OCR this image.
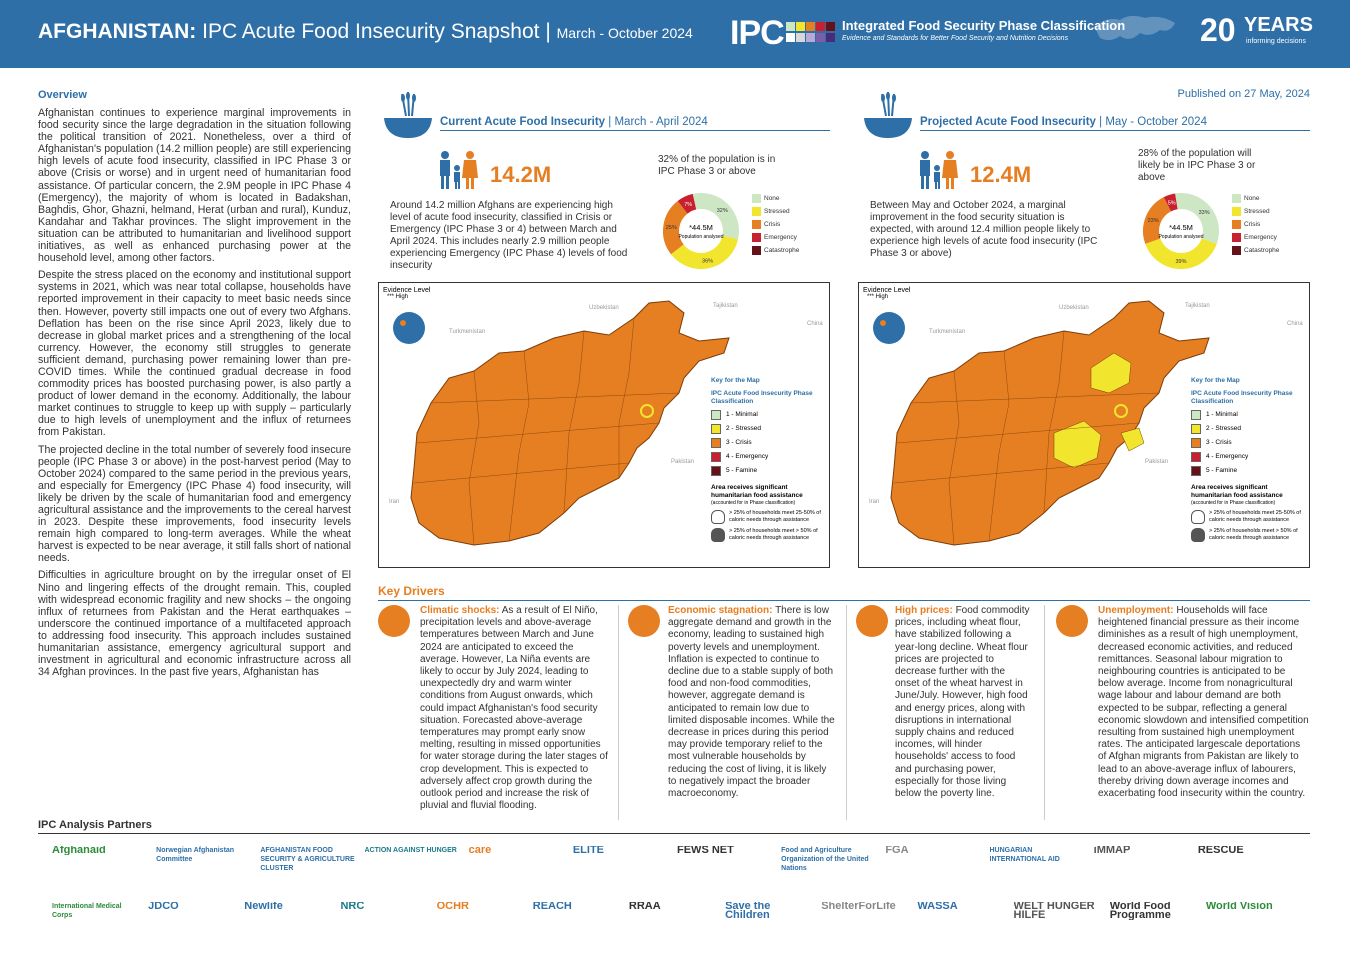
AFGHANISTAN: IPC Acute Food Insecurity Snapshot | March - October 2024 IPC	Integrated Food Security Phase Classification
Evidence and Standards for Better Food Security and Nutrition Decisions	20 YEARS
informing decisions
Overview

Afghanistan continues to experience marginal improvements in food security since the large degradation in the situation following the political transition of 2021. Nonetheless, over a third of Afghanistan's population (14.2 million people) are still experiencing high levels of acute food insecurity, classified in IPC Phase 3 or above (Crisis or worse) and in urgent need of humanitarian food assistance. Of particular concern, the 2.9M people in IPC Phase 4 (Emergency), the majority of whom is located in Badakshan, Baghdis, Ghor, Ghazni, helmand, Herat (urban and rural), Kunduz, Kandahar and Takhar provinces. The slight improvement in the situation can be attributed to humanitarian and livelihood support initiatives, as well as enhanced purchasing power at the household level, among other factors.

Despite the stress placed on the economy and institutional support systems in 2021, which was near total collapse, households have reported improvement in their capacity to meet basic needs since then. However, poverty still impacts one out of every two Afghans. Deflation has been on the rise since April 2023, likely due to decrease in global market prices and a strengthening of the local currency. However, the economy still struggles to generate sufficient demand, purchasing power remaining lower than pre-COVID times. While the continued gradual decrease in food commodity prices has boosted purchasing power, is also partly a product of lower demand in the economy. Additionally, the labour market continues to struggle to keep up with supply – particularly due to high levels of unemployment and the influx of returnees from Pakistan.

The projected decline in the total number of severely food insecure people (IPC Phase 3 or above) in the post-harvest period (May to October 2024) compared to the same period in the previous years, and especially for Emergency (IPC Phase 4) food insecurity, will likely be driven by the scale of humanitarian food and emergency agricultural assistance and the improvements to the cereal harvest in 2023. Despite these improvements, food insecurity levels remain high compared to long-term averages. While the wheat harvest is expected to be near average, it still falls short of national needs.

Difficulties in agriculture brought on by the irregular onset of El Nino and lingering effects of the drought remain. This, coupled with widespread economic fragility and new shocks – the ongoing influx of returnees from Pakistan and the Herat earthquakes – underscore the continued importance of a multifaceted approach to addressing food insecurity. This approach includes sustained humanitarian assistance, emergency agricultural support and investment in agricultural and economic infrastructure across all 34 Afghan provinces. In the past five years, Afghanistan has

Published on 27 May, 2024
Current Acute Food Insecurity | March - April 2024
14.2M
Around 14.2 million Afghans are experiencing high level of acute food insecurity, classified in Crisis or Emergency (IPC Phase 3 or 4) between March and April 2024. This includes nearly 2.9 million people experiencing Emergency (IPC Phase 4) levels of food insecurity
32% of the population is in IPC Phase 3 or above
32%
36%
25%
7%
*44.5M
Population analysed
None
Stressed
Crisis
Emergency
Catastrophe
Evidence Level
*** High
Uzbekistan	Tajikistan
Turkmenistan
China
Pakistan
Iran
Key for the Map
IPC Acute Food Insecurity Phase Classification
1 - Minimal
2 - Stressed
3 - Crisis
4 - Emergency
5 - Famine
Area receives significant humanitarian food assistance
(accounted for in Phase classification)
> 25% of households meet 25-50% of caloric needs through assistance
> 25% of households meet > 50% of caloric needs through assistance
Projected Acute Food Insecurity | May - October 2024
12.4M
Between May and October 2024, a marginal improvement in the food security situation is expected, with around 12.4 million people likely to experience high levels of acute food insecurity (IPC Phase 3 or above)
28% of the population will likely be in IPC Phase 3 or above
33%
39%
23%
5%
*44.5M
Population analysed
None
Stressed
Crisis
Emergency
Catastrophe
Evidence Level
*** High
Uzbekistan	Tajikistan
Turkmenistan
China
Pakistan
Iran
Key for the Map
IPC Acute Food Insecurity Phase Classification
1 - Minimal
2 - Stressed
3 - Crisis
4 - Emergency
5 - Famine
Area receives significant humanitarian food assistance
(accounted for in Phase classification)
> 25% of households meet 25-50% of caloric needs through assistance
> 25% of households meet > 50% of caloric needs through assistance
Key Drivers
Climatic shocks: As a result of El Niño, precipitation levels and above-average temperatures between March and June 2024 are anticipated to exceed the average. However, La Niña events are likely to occur by July 2024, leading to unexpectedly dry and warm winter conditions from August onwards, which could impact Afghanistan's food security situation. Forecasted above-average temperatures may prompt early snow melting, resulting in missed opportunities for water storage during the later stages of crop development. This is expected to adversely affect crop growth during the outlook period and increase the risk of pluvial and fluvial flooding.
Economic stagnation: There is low aggregate demand and growth in the economy, leading to sustained high poverty levels and unemployment. Inflation is expected to continue to decline due to a stable supply of both food and non-food commodities, however, aggregate demand is anticipated to remain low due to limited disposable incomes. While the decrease in prices during this period may provide temporary relief to the most vulnerable households by reducing the cost of living, it is likely to negatively impact the broader macroeconomy.
High prices: Food commodity prices, including wheat flour, have stabilized following a year-long decline. Wheat flour prices are projected to decrease further with the onset of the wheat harvest in June/July. However, high food and energy prices, along with disruptions in international supply chains and reduced incomes, will hinder households' access to food and purchasing power, especially for those living below the poverty line.
Unemployment: Households will face heightened financial pressure as their income diminishes as a result of high unemployment, decreased economic activities, and reduced remittances. Seasonal labour migration to neighbouring countries is anticipated to be below average. Income from nonagricultural wage labour and labour demand are both expected to be subpar, reflecting a general economic slowdown and intensified competition resulting from sustained high unemployment rates. The anticipated largescale deportations of Afghan migrants from Pakistan are likely to lead to an above-average influx of labourers, thereby driving down average incomes and exacerbating food insecurity within the country.
IPC Analysis Partners
Afghanaid	Norwegian Afghanistan Committee
AFGHANISTAN FOOD SECURITY & AGRICULTURE CLUSTER
ACTION AGAINST HUNGER	care	ELITE	FEWS NET	Food and Agriculture Organization of the United Nations
FGA	HUNGARIAN INTERNATIONAL AID
iMMAP	RESCUE
International Medical Corps
JDCO	Newlife	NRC	OCHR	REACH	RRAA	Save the Children
ShelterForLife	WASSA	WELT HUNGER HILFE
World Food Programme
World Vision
